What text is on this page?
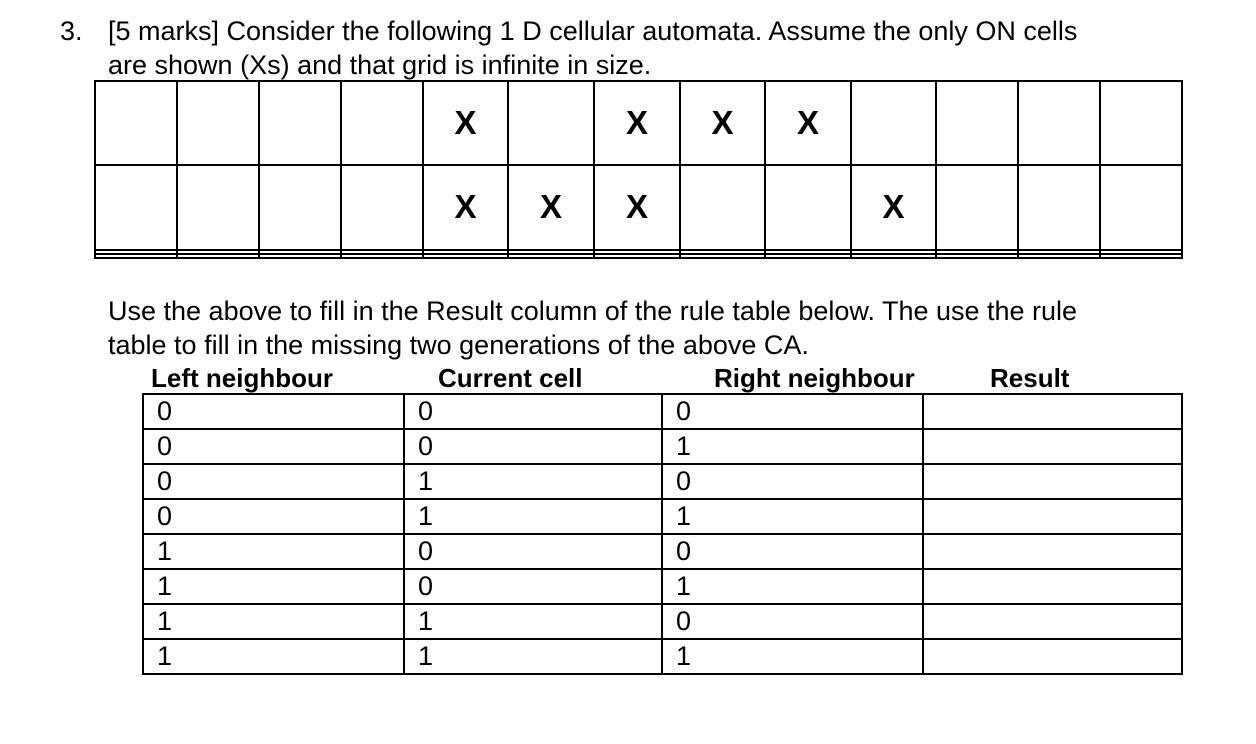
3. [5 marks] Consider the following 1 D cellular automata. Assume the only ON cells
are shown (Xs) and that grid is infinite in size.
				X		X	X	X				
				X	X	X			X			

Use the above to fill in the Result column of the rule table below. The use the rule
table to fill in the missing two generations of the above CA.
Left neighbour	Current cell	Right neighbour	Result
0	0	0	
0	0	1	
0	1	0	
0	1	1	
1	0	0	
1	0	1	
1	1	0	
1	1	1	
